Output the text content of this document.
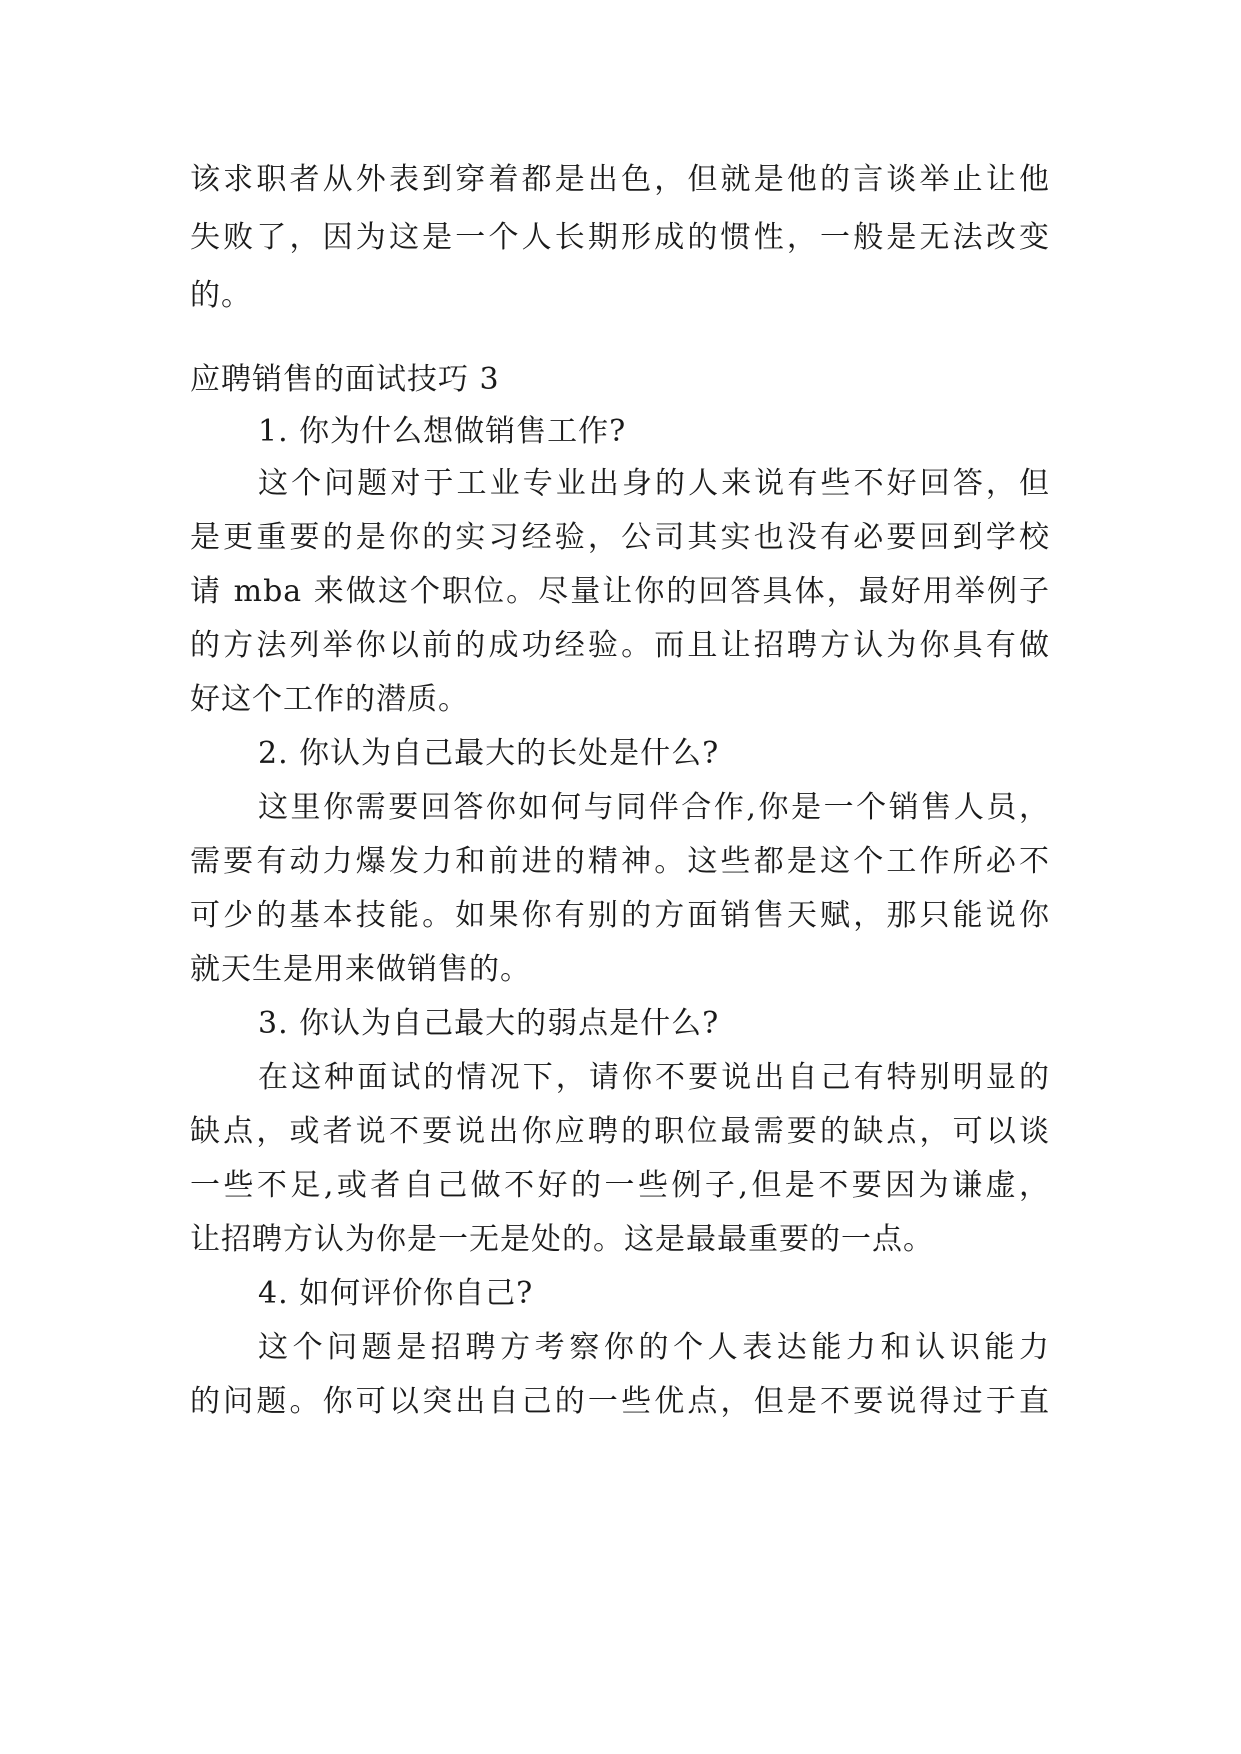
该求职者从外表到穿着都是出色，但就是他的言谈举止让他
失败了，因为这是一个人长期形成的惯性，一般是无法改变
的。
应聘销售的面试技巧 3
1. 你为什么想做销售工作?
这个问题对于工业专业出身的人来说有些不好回答，但
是更重要的是你的实习经验，公司其实也没有必要回到学校
请 mba 来做这个职位。尽量让你的回答具体，最好用举例子
的方法列举你以前的成功经验。而且让招聘方认为你具有做
好这个工作的潜质。
2. 你认为自己最大的长处是什么?
这里你需要回答你如何与同伴合作,你是一个销售人员，
需要有动力爆发力和前进的精神。这些都是这个工作所必不
可少的基本技能。如果你有别的方面销售天赋，那只能说你
就天生是用来做销售的。
3. 你认为自己最大的弱点是什么?
在这种面试的情况下，请你不要说出自己有特别明显的
缺点，或者说不要说出你应聘的职位最需要的缺点，可以谈
一些不足,或者自己做不好的一些例子,但是不要因为谦虚，
让招聘方认为你是一无是处的。这是最最重要的一点。
4. 如何评价你自己?
这个问题是招聘方考察你的个人表达能力和认识能力
的问题。你可以突出自己的一些优点，但是不要说得过于直
